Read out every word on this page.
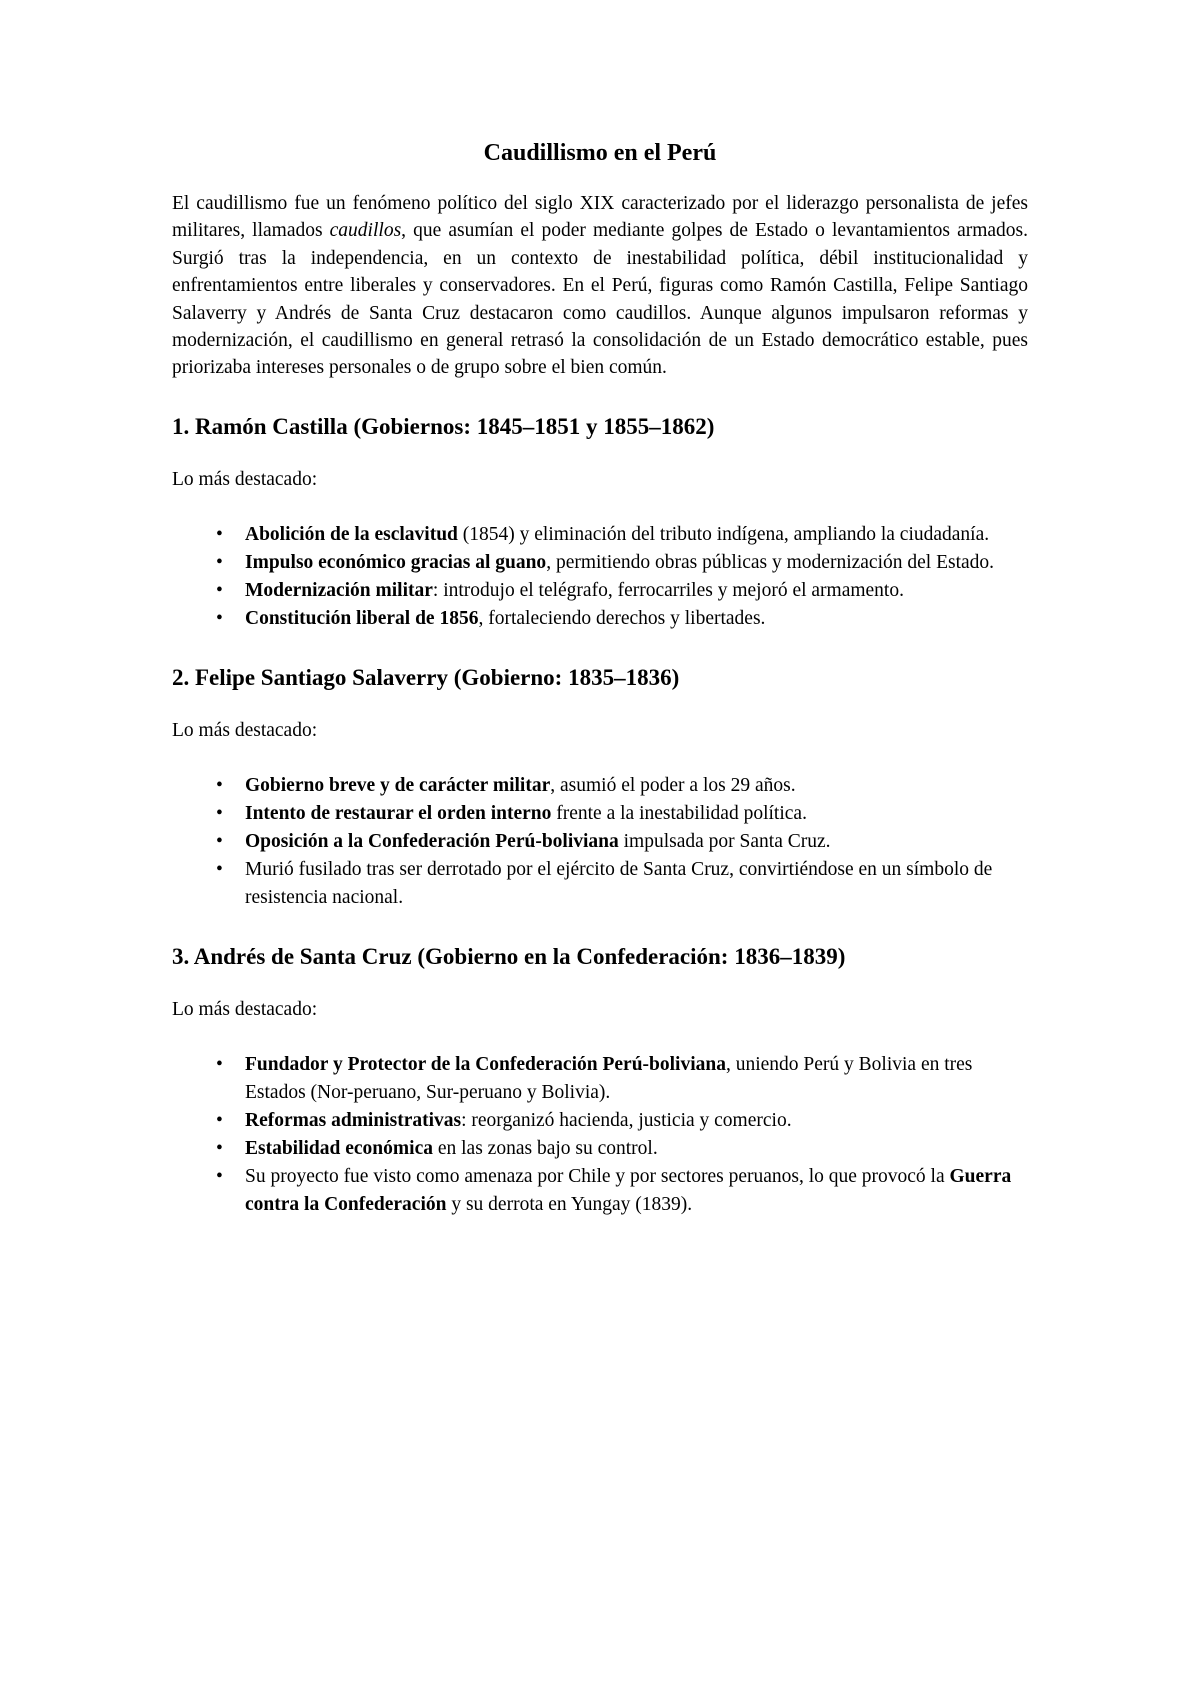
Caudillismo en el Perú

El caudillismo fue un fenómeno político del siglo XIX caracterizado por el liderazgo personalista de jefes militares, llamados caudillos, que asumían el poder mediante golpes de Estado o levantamientos armados. Surgió tras la independencia, en un contexto de inestabilidad política, débil institucionalidad y enfrentamientos entre liberales y conservadores. En el Perú, figuras como Ramón Castilla, Felipe Santiago Salaverry y Andrés de Santa Cruz destacaron como caudillos. Aunque algunos impulsaron reformas y modernización, el caudillismo en general retrasó la consolidación de un Estado democrático estable, pues priorizaba intereses personales o de grupo sobre el bien común.

1. Ramón Castilla (Gobiernos: 1845–1851 y 1855–1862)

Lo más destacado:

• Abolición de la esclavitud (1854) y eliminación del tributo indígena, ampliando la ciudadanía.
• Impulso económico gracias al guano, permitiendo obras públicas y modernización del Estado.
• Modernización militar: introdujo el telégrafo, ferrocarriles y mejoró el armamento.
• Constitución liberal de 1856, fortaleciendo derechos y libertades.
2. Felipe Santiago Salaverry (Gobierno: 1835–1836)

Lo más destacado:

• Gobierno breve y de carácter militar, asumió el poder a los 29 años.
• Intento de restaurar el orden interno frente a la inestabilidad política.
• Oposición a la Confederación Perú-boliviana impulsada por Santa Cruz.
• Murió fusilado tras ser derrotado por el ejército de Santa Cruz, convirtiéndose en un símbolo de resistencia nacional.
3. Andrés de Santa Cruz (Gobierno en la Confederación: 1836–1839)

Lo más destacado:

• Fundador y Protector de la Confederación Perú-boliviana, uniendo Perú y Bolivia en tres Estados (Nor-peruano, Sur-peruano y Bolivia).
• Reformas administrativas: reorganizó hacienda, justicia y comercio.
• Estabilidad económica en las zonas bajo su control.
• Su proyecto fue visto como amenaza por Chile y por sectores peruanos, lo que provocó la Guerra contra la Confederación y su derrota en Yungay (1839).
